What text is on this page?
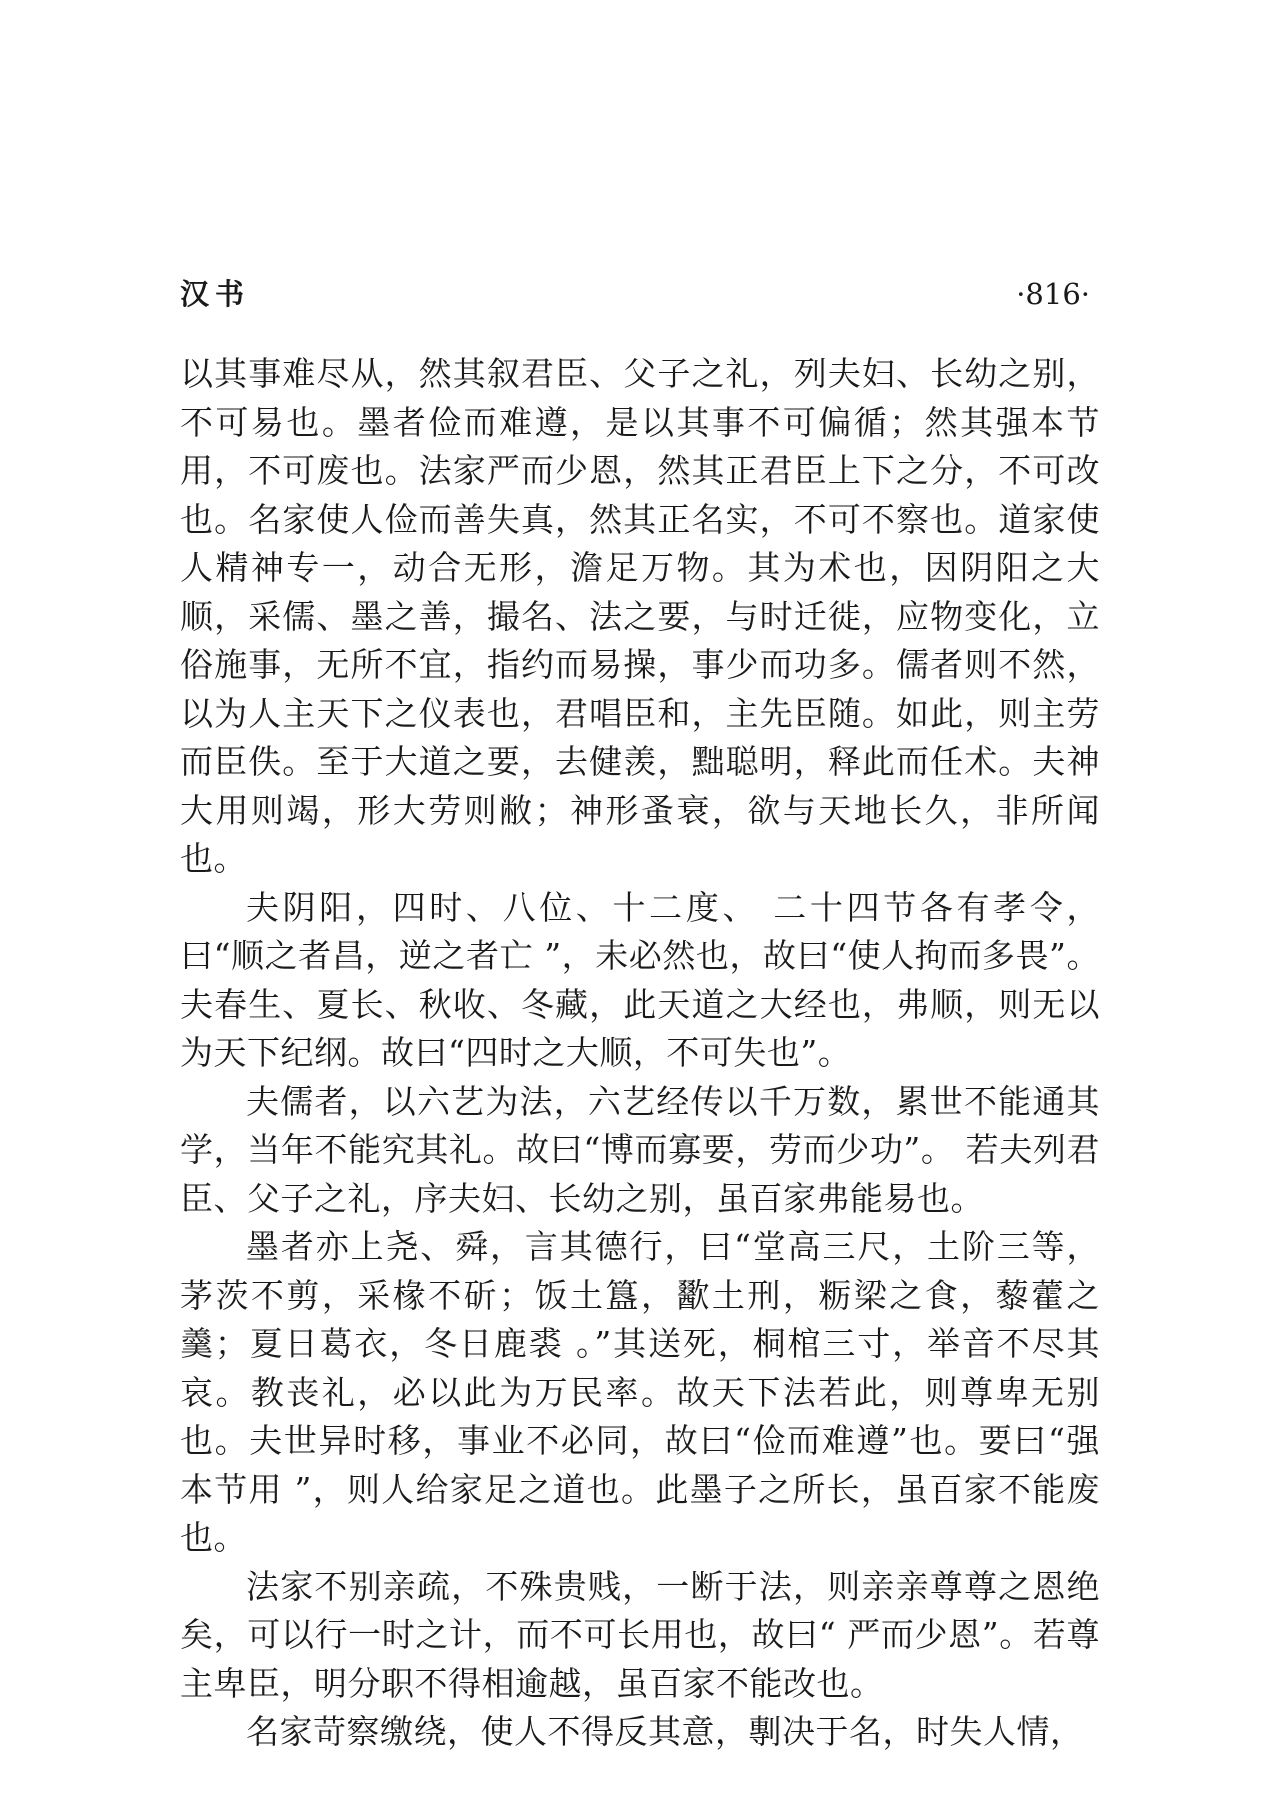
汉书	·816·

以其事难尽从，然其叙君臣、父子之礼，列夫妇、长幼之别，不可易也。墨者俭而难遵，是以其事不可偏循；然其强本节用，不可废也。法家严而少恩，然其正君臣上下之分，不可改也。名家使人俭而善失真，然其正名实，不可不察也。道家使人精神专一，动合无形，澹足万物。其为术也，因阴阳之大顺，采儒、墨之善，撮名、法之要，与时迁徙，应物变化，立俗施事，无所不宜，指约而易操，事少而功多。儒者则不然，以为人主天下之仪表也，君唱臣和，主先臣随。如此，则主劳而臣佚。至于大道之要，去健羡，黜聪明，释此而任术。夫神大用则竭，形大劳则敝；神形蚤衰，欲与天地长久，非所闻也。

夫阴阳，四时、八位、十二度、 二十四节各有孝令， 曰“顺之者昌，逆之者亡 ”，未必然也，故曰“使人拘而多畏”。夫春生、夏长、秋收、冬藏，此天道之大经也，弗顺，则无以为天下纪纲。故曰“四时之大顺，不可失也”。

夫儒者，以六艺为法，六艺经传以千万数，累世不能通其学，当年不能究其礼。故曰“博而寡要，劳而少功”。 若夫列君臣、父子之礼，序夫妇、长幼之别，虽百家弗能易也。

墨者亦上尧、舜，言其德行，曰“堂高三尺，土阶三等，茅茨不剪，采椽不斫；饭土簋，歠土刑，粝梁之食，藜藿之羹；夏日葛衣，冬日鹿裘 。”其送死，桐棺三寸，举音不尽其哀。教丧礼，必以此为万民率。故天下法若此，则尊卑无别也。夫世异时移，事业不必同，故曰“俭而难遵”也。要曰“强本节用 ”，则人给家足之道也。此墨子之所长，虽百家不能废也。

法家不别亲疏，不殊贵贱，一断于法，则亲亲尊尊之恩绝矣，可以行一时之计，而不可长用也，故曰“ 严而少恩”。若尊主卑臣，明分职不得相逾越，虽百家不能改也。

名家苛察缴绕，使人不得反其意，剸决于名，时失人情，
